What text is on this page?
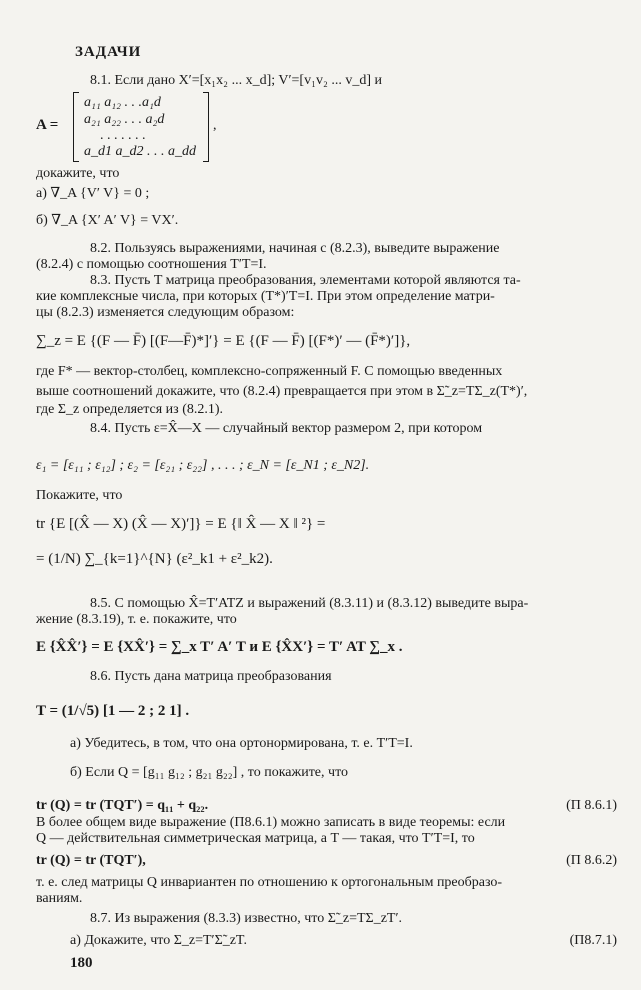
ЗАДАЧИ
8.1. Если дано X′=[x₁x₂ ... x_d]; V′=[v₁v₂ ... v_d] и
A =
a₁₁ a₁₂ . . .a₁d
a₂₁ a₂₂ . . . a₂d
. . . . . . .
a_d1 a_d2 . . . a_dd
,
докажите, что
а) ∇_A {V′ V} = 0 ;
б) ∇_A {X′ A′ V} = VX′.
8.2. Пользуясь выражениями, начиная с (8.2.3), выведите выражение
(8.2.4) с помощью соотношения T′T=I.
8.3. Пусть T матрица преобразования, элементами которой являются та-
кие комплексные числа, при которых (T*)′T=I. При этом определение матри-
цы (8.2.3) изменяется следующим образом:
∑_z = E {(F — F̄) [(F—F̄)*]′} = E {(F — F̄) [(F*)′ — (F̄*)′]},
где F* — вектор-столбец, комплексно-сопряженный F. С помощью введенных
выше соотношений докажите, что (8.2.4) превращается при этом в Σ̃_z=TΣ_z(T*)′,
где Σ_z определяется из (8.2.1).
8.4. Пусть ε=X̂—X — случайный вектор размером 2, при котором
ε₁ = [ε₁₁ ; ε₁₂] ; ε₂ = [ε₂₁ ; ε₂₂] , . . . ; ε_N = [ε_N1 ; ε_N2].
Покажите, что
tr {E [(X̂ — X) (X̂ — X)′]} = E {‖ X̂ — X ‖ ²} =
= (1/N) ∑_{k=1}^{N} (ε²_k1 + ε²_k2).
8.5. С помощью X̂=T′ATZ и выражений (8.3.11) и (8.3.12) выведите выра-
жение (8.3.19), т. е. покажите, что
E {X̂X̂′} = E {XX̂′} = ∑_x T′ A′ T и E {X̂X′} = T′ AT ∑_x .
8.6. Пусть дана матрица преобразования
T = (1/√5) [1 — 2 ; 2 1] .
а) Убедитесь, в том, что она ортонормирована, т. е. T′T=I.
б) Если Q = [g₁₁ g₁₂ ; g₂₁ g₂₂] , то покажите, что
tr (Q) = tr (TQT′) = q₁₁ + q₂₂.	(П 8.6.1)
В более общем виде выражение (П8.6.1) можно записать в виде теоремы: если
Q — действительная симметрическая матрица, а T — такая, что T′T=I, то
tr (Q) = tr (TQT′),	(П 8.6.2)
т. е. след матрицы Q инвариантен по отношению к ортогональным преобразо-
ваниям.
8.7. Из выражения (8.3.3) известно, что Σ̃_z=TΣ_zT′.
а) Докажите, что Σ_z=T′Σ̃_zT.	(П8.7.1)
180
